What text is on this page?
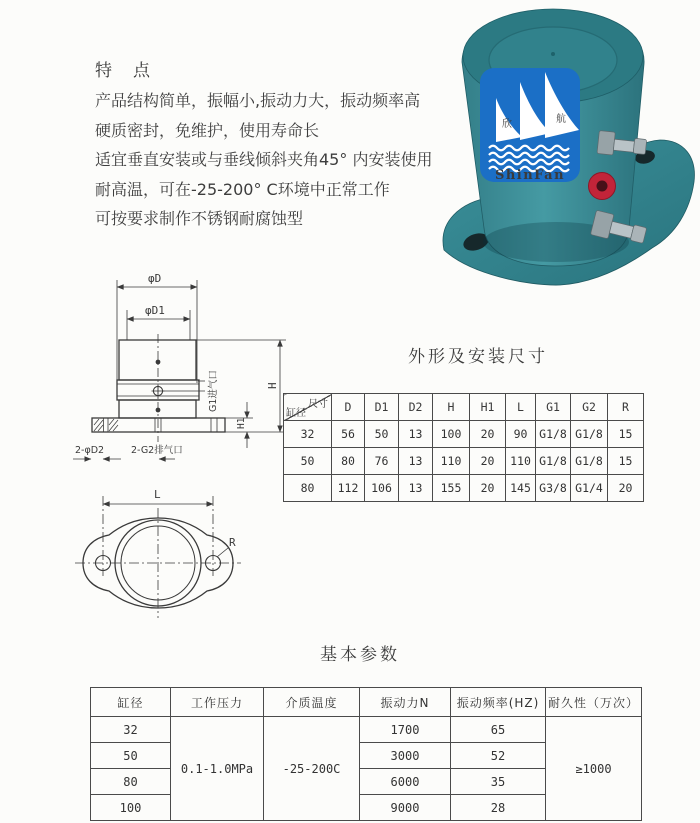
特　点
产品结构简单，振幅小,振动力大，振动频率高
硬质密封，免维护，使用寿命长
适宜垂直安装或与垂线倾斜夹角45° 内安装使用
耐高温，可在-25-200° C环境中正常工作
可按要求制作不锈钢耐腐蚀型
欣	航
ShinFan
φD
φD1
H
H1
G1进气口
2-φD2	2-G2排气口
L
R
外形及安装尺寸
尺寸
缸径	D	D1	D2	H	H1	L	G1	G2	R
32	56	50	13	100	20	90	G1/8	G1/8	15
50	80	76	13	110	20	110	G1/8	G1/8	15
80	112	106	13	155	20	145	G3/8	G1/4	20
基本参数
缸径	工作压力	介质温度	振动力N	振动频率(HZ)	耐久性（万次）
32	0.1-1.0MPa	-25-200C	1700	65	≥1000
50			3000	52	
80			6000	35	
100			9000	28	
